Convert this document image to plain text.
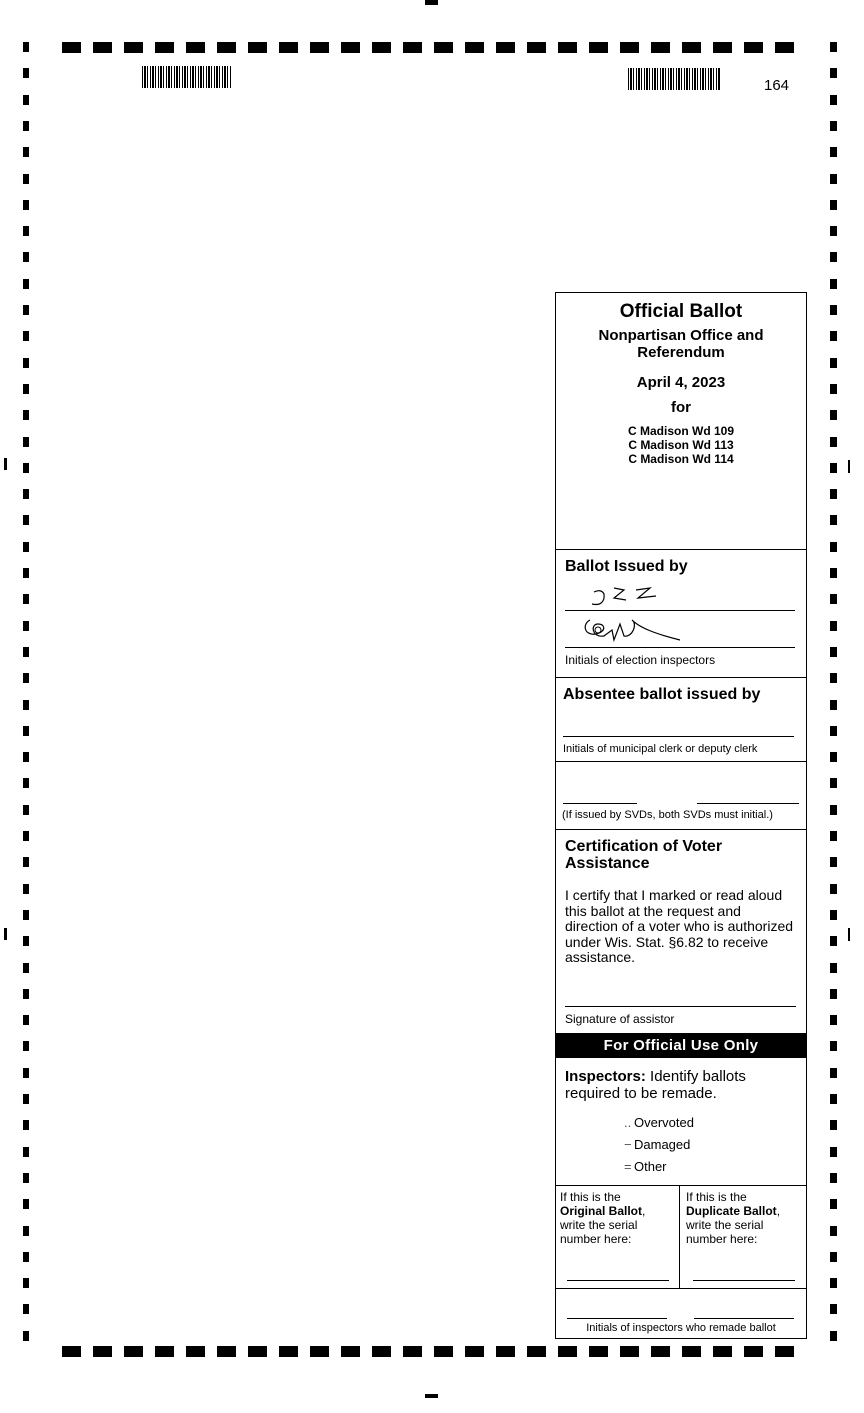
164
Official Ballot
Nonpartisan Office and Referendum
April 4, 2023
for
C Madison Wd 109
C Madison Wd 113
C Madison Wd 114
Ballot Issued by
Initials of election inspectors
Absentee ballot issued by
Initials of municipal clerk or deputy clerk
(If issued by SVDs, both SVDs must initial.)
Certification of Voter Assistance
I certify that I marked or read aloud this ballot at the request and direction of a voter who is authorized under Wis. Stat. §6.82 to receive assistance.
Signature of assistor
For Official Use Only
Inspectors: Identify ballots required to be remade.
.. Overvoted
− Damaged
= Other
If this is the
Original Ballot,
write the serial number here:
If this is the
Duplicate Ballot,
write the serial number here:
Initials of inspectors who remade ballot
